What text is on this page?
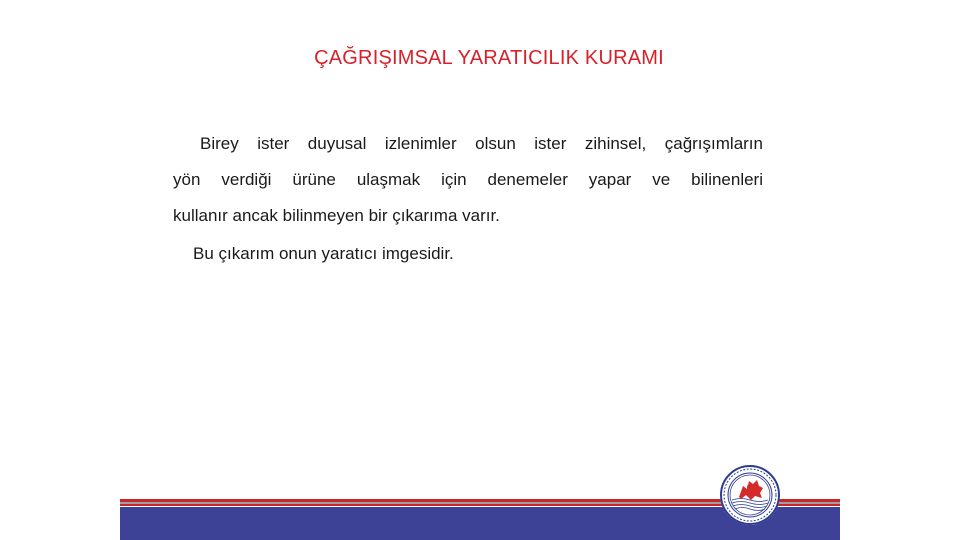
ÇAĞRIŞIMSAL YARATICILIK KURAMI
Birey ister duyusal izlenimler olsun ister zihinsel, çağrışımların
yön verdiği ürüne ulaşmak için denemeler yapar ve bilinenleri
kullanır ancak bilinmeyen bir çıkarıma varır.
Bu çıkarım onun yaratıcı imgesidir.
